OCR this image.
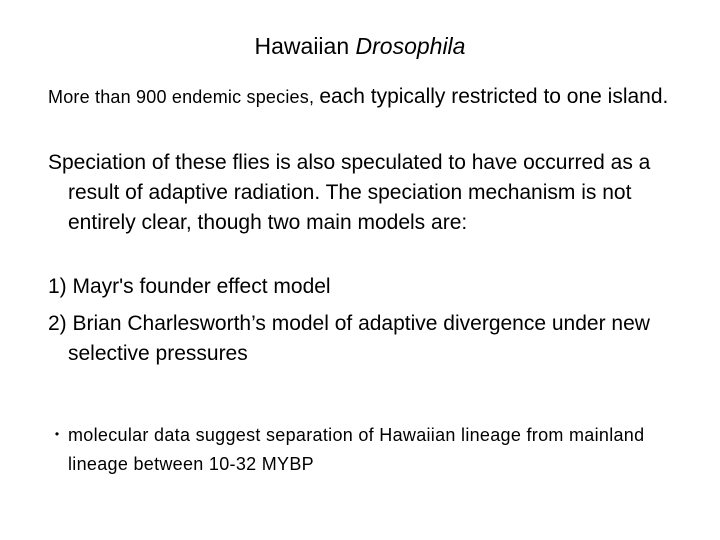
Hawaiian Drosophila

More than 900 endemic species, each typically restricted to one island.

Speciation of these flies is also speculated to have occurred as a result of adaptive radiation. The speciation mechanism is not entirely clear, though two main models are:

1) Mayr's founder effect model

2) Brian Charlesworth’s model of adaptive divergence under new selective pressures

・ molecular data suggest separation of Hawaiian lineage from mainland lineage between 10-32 MYBP
